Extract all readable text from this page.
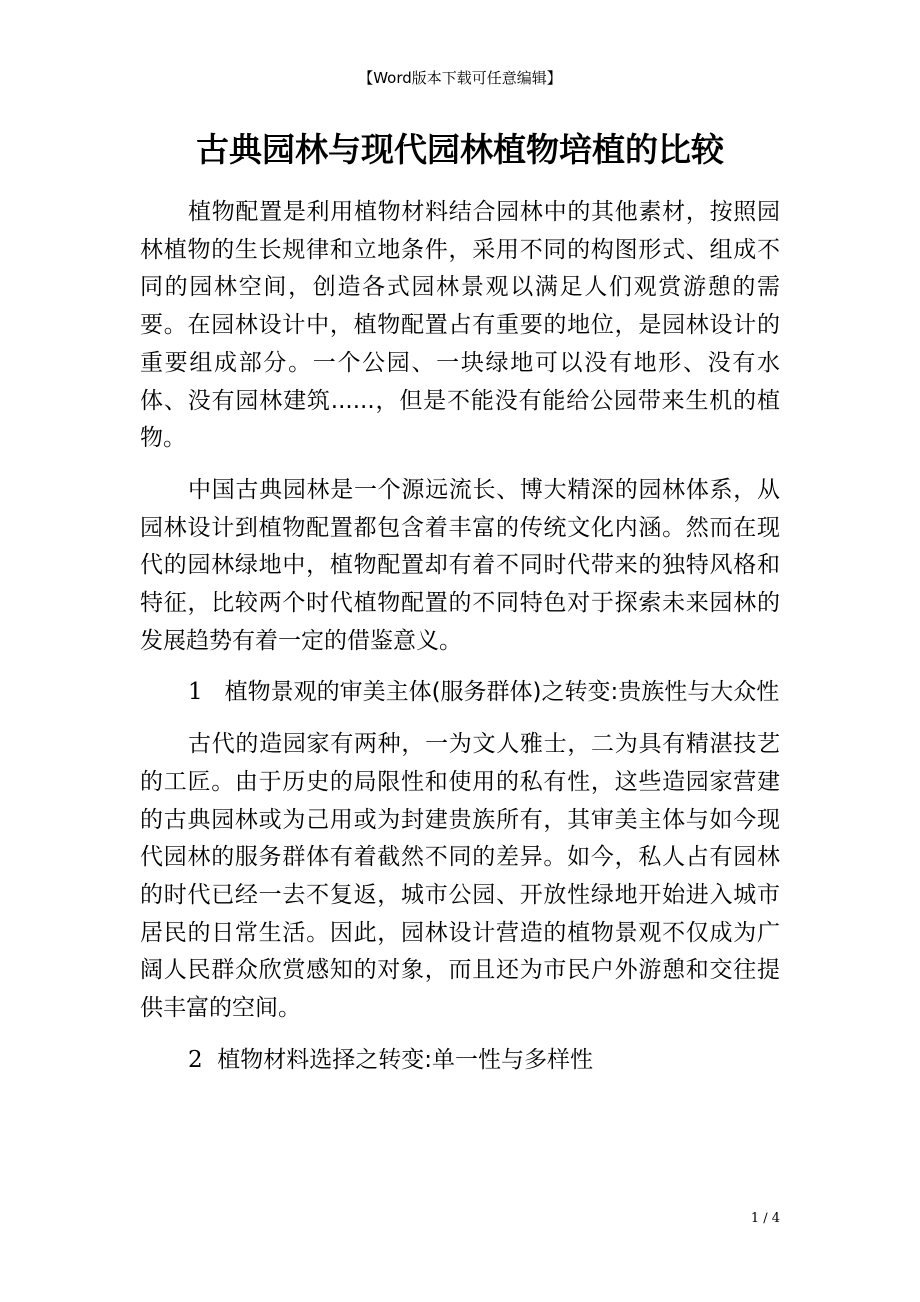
【Word版本下载可任意编辑】
古典园林与现代园林植物培植的比较

植物配置是利用植物材料结合园林中的其他素材，按照园林植物的生长规律和立地条件，采用不同的构图形式、组成不同的园林空间，创造各式园林景观以满足人们观赏游憩的需要。在园林设计中，植物配置占有重要的地位，是园林设计的重要组成部分。一个公园、一块绿地可以没有地形、没有水体、没有园林建筑......，但是不能没有能给公园带来生机的植物。

中国古典园林是一个源远流长、博大精深的园林体系，从园林设计到植物配置都包含着丰富的传统文化内涵。然而在现代的园林绿地中，植物配置却有着不同时代带来的独特风格和特征，比较两个时代植物配置的不同特色对于探索未来园林的发展趋势有着一定的借鉴意义。

1 植物景观的审美主体(服务群体)之转变:贵族性与大众性

古代的造园家有两种，一为文人雅士，二为具有精湛技艺的工匠。由于历史的局限性和使用的私有性，这些造园家营建的古典园林或为己用或为封建贵族所有，其审美主体与如今现代园林的服务群体有着截然不同的差异。如今，私人占有园林的时代已经一去不复返，城市公园、开放性绿地开始进入城市居民的日常生活。因此，园林设计营造的植物景观不仅成为广阔人民群众欣赏感知的对象，而且还为市民户外游憩和交往提供丰富的空间。

2 植物材料选择之转变:单一性与多样性

1 / 4
